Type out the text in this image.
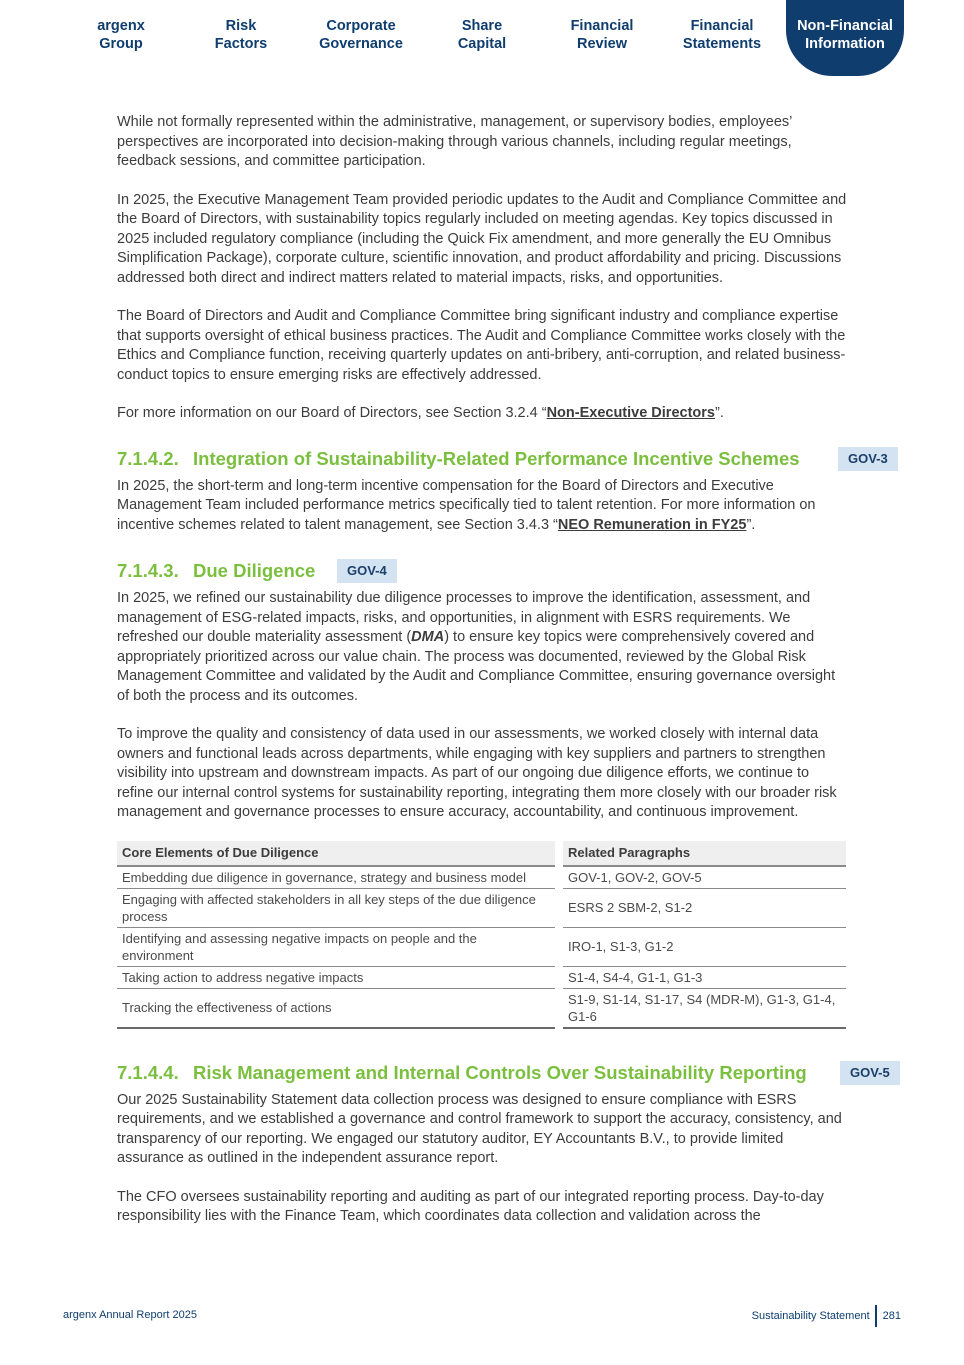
argenx
Group
Risk
Factors
Corporate
Governance
Share
Capital
Financial
Review
Financial
Statements
Non-Financial
Information

While not formally represented within the administrative, management, or supervisory bodies, employees’ perspectives are incorporated into decision-making through various channels, including regular meetings, feedback sessions, and committee participation.

In 2025, the Executive Management Team provided periodic updates to the Audit and Compliance Committee and the Board of Directors, with sustainability topics regularly included on meeting agendas. Key topics discussed in 2025 included regulatory compliance (including the Quick Fix amendment, and more generally the EU Omnibus Simplification Package), corporate culture, scientific innovation, and product affordability and pricing. Discussions addressed both direct and indirect matters related to material impacts, risks, and opportunities.

The Board of Directors and Audit and Compliance Committee bring significant industry and compliance expertise that supports oversight of ethical business practices. The Audit and Compliance Committee works closely with the Ethics and Compliance function, receiving quarterly updates on anti-bribery, anti-corruption, and related business-conduct topics to ensure emerging risks are effectively addressed.

For more information on our Board of Directors, see Section 3.2.4 “Non-Executive Directors”.

7.1.4.2. Integration of Sustainability-Related Performance Incentive Schemes	GOV-3

In 2025, the short-term and long-term incentive compensation for the Board of Directors and Executive Management Team included performance metrics specifically tied to talent retention. For more information on incentive schemes related to talent management, see Section 3.4.3 “NEO Remuneration in FY25”.

7.1.4.3. Due Diligence	GOV-4

In 2025, we refined our sustainability due diligence processes to improve the identification, assessment, and management of ESG-related impacts, risks, and opportunities, in alignment with ESRS requirements. We refreshed our double materiality assessment (DMA) to ensure key topics were comprehensively covered and appropriately prioritized across our value chain. The process was documented, reviewed by the Global Risk Management Committee and validated by the Audit and Compliance Committee, ensuring governance oversight of both the process and its outcomes.

To improve the quality and consistency of data used in our assessments, we worked closely with internal data owners and functional leads across departments, while engaging with key suppliers and partners to strengthen visibility into upstream and downstream impacts. As part of our ongoing due diligence efforts, we continue to refine our internal control systems for sustainability reporting, integrating them more closely with our broader risk management and governance processes to ensure accuracy, accountability, and continuous improvement.

Core Elements of Due Diligence		Related Paragraphs
Embedding due diligence in governance, strategy and business model		GOV-1, GOV-2, GOV-5
Engaging with affected stakeholders in all key steps of the due diligence process		ESRS 2 SBM-2, S1-2
Identifying and assessing negative impacts on people and the environment		IRO-1, S1-3, G1-2
Taking action to address negative impacts		S1-4, S4-4, G1-1, G1-3
Tracking the effectiveness of actions		S1-9, S1-14, S1-17, S4 (MDR-M), G1-3, G1-4, G1-6
7.1.4.4. Risk Management and Internal Controls Over Sustainability Reporting	GOV-5

Our 2025 Sustainability Statement data collection process was designed to ensure compliance with ESRS requirements, and we established a governance and control framework to support the accuracy, consistency, and transparency of our reporting. We engaged our statutory auditor, EY Accountants B.V., to provide limited assurance as outlined in the independent assurance report.

The CFO oversees sustainability reporting and auditing as part of our integrated reporting process. Day-to-day responsibility lies with the Finance Team, which coordinates data collection and validation across the

argenx Annual Report 2025	Sustainability Statement 281
